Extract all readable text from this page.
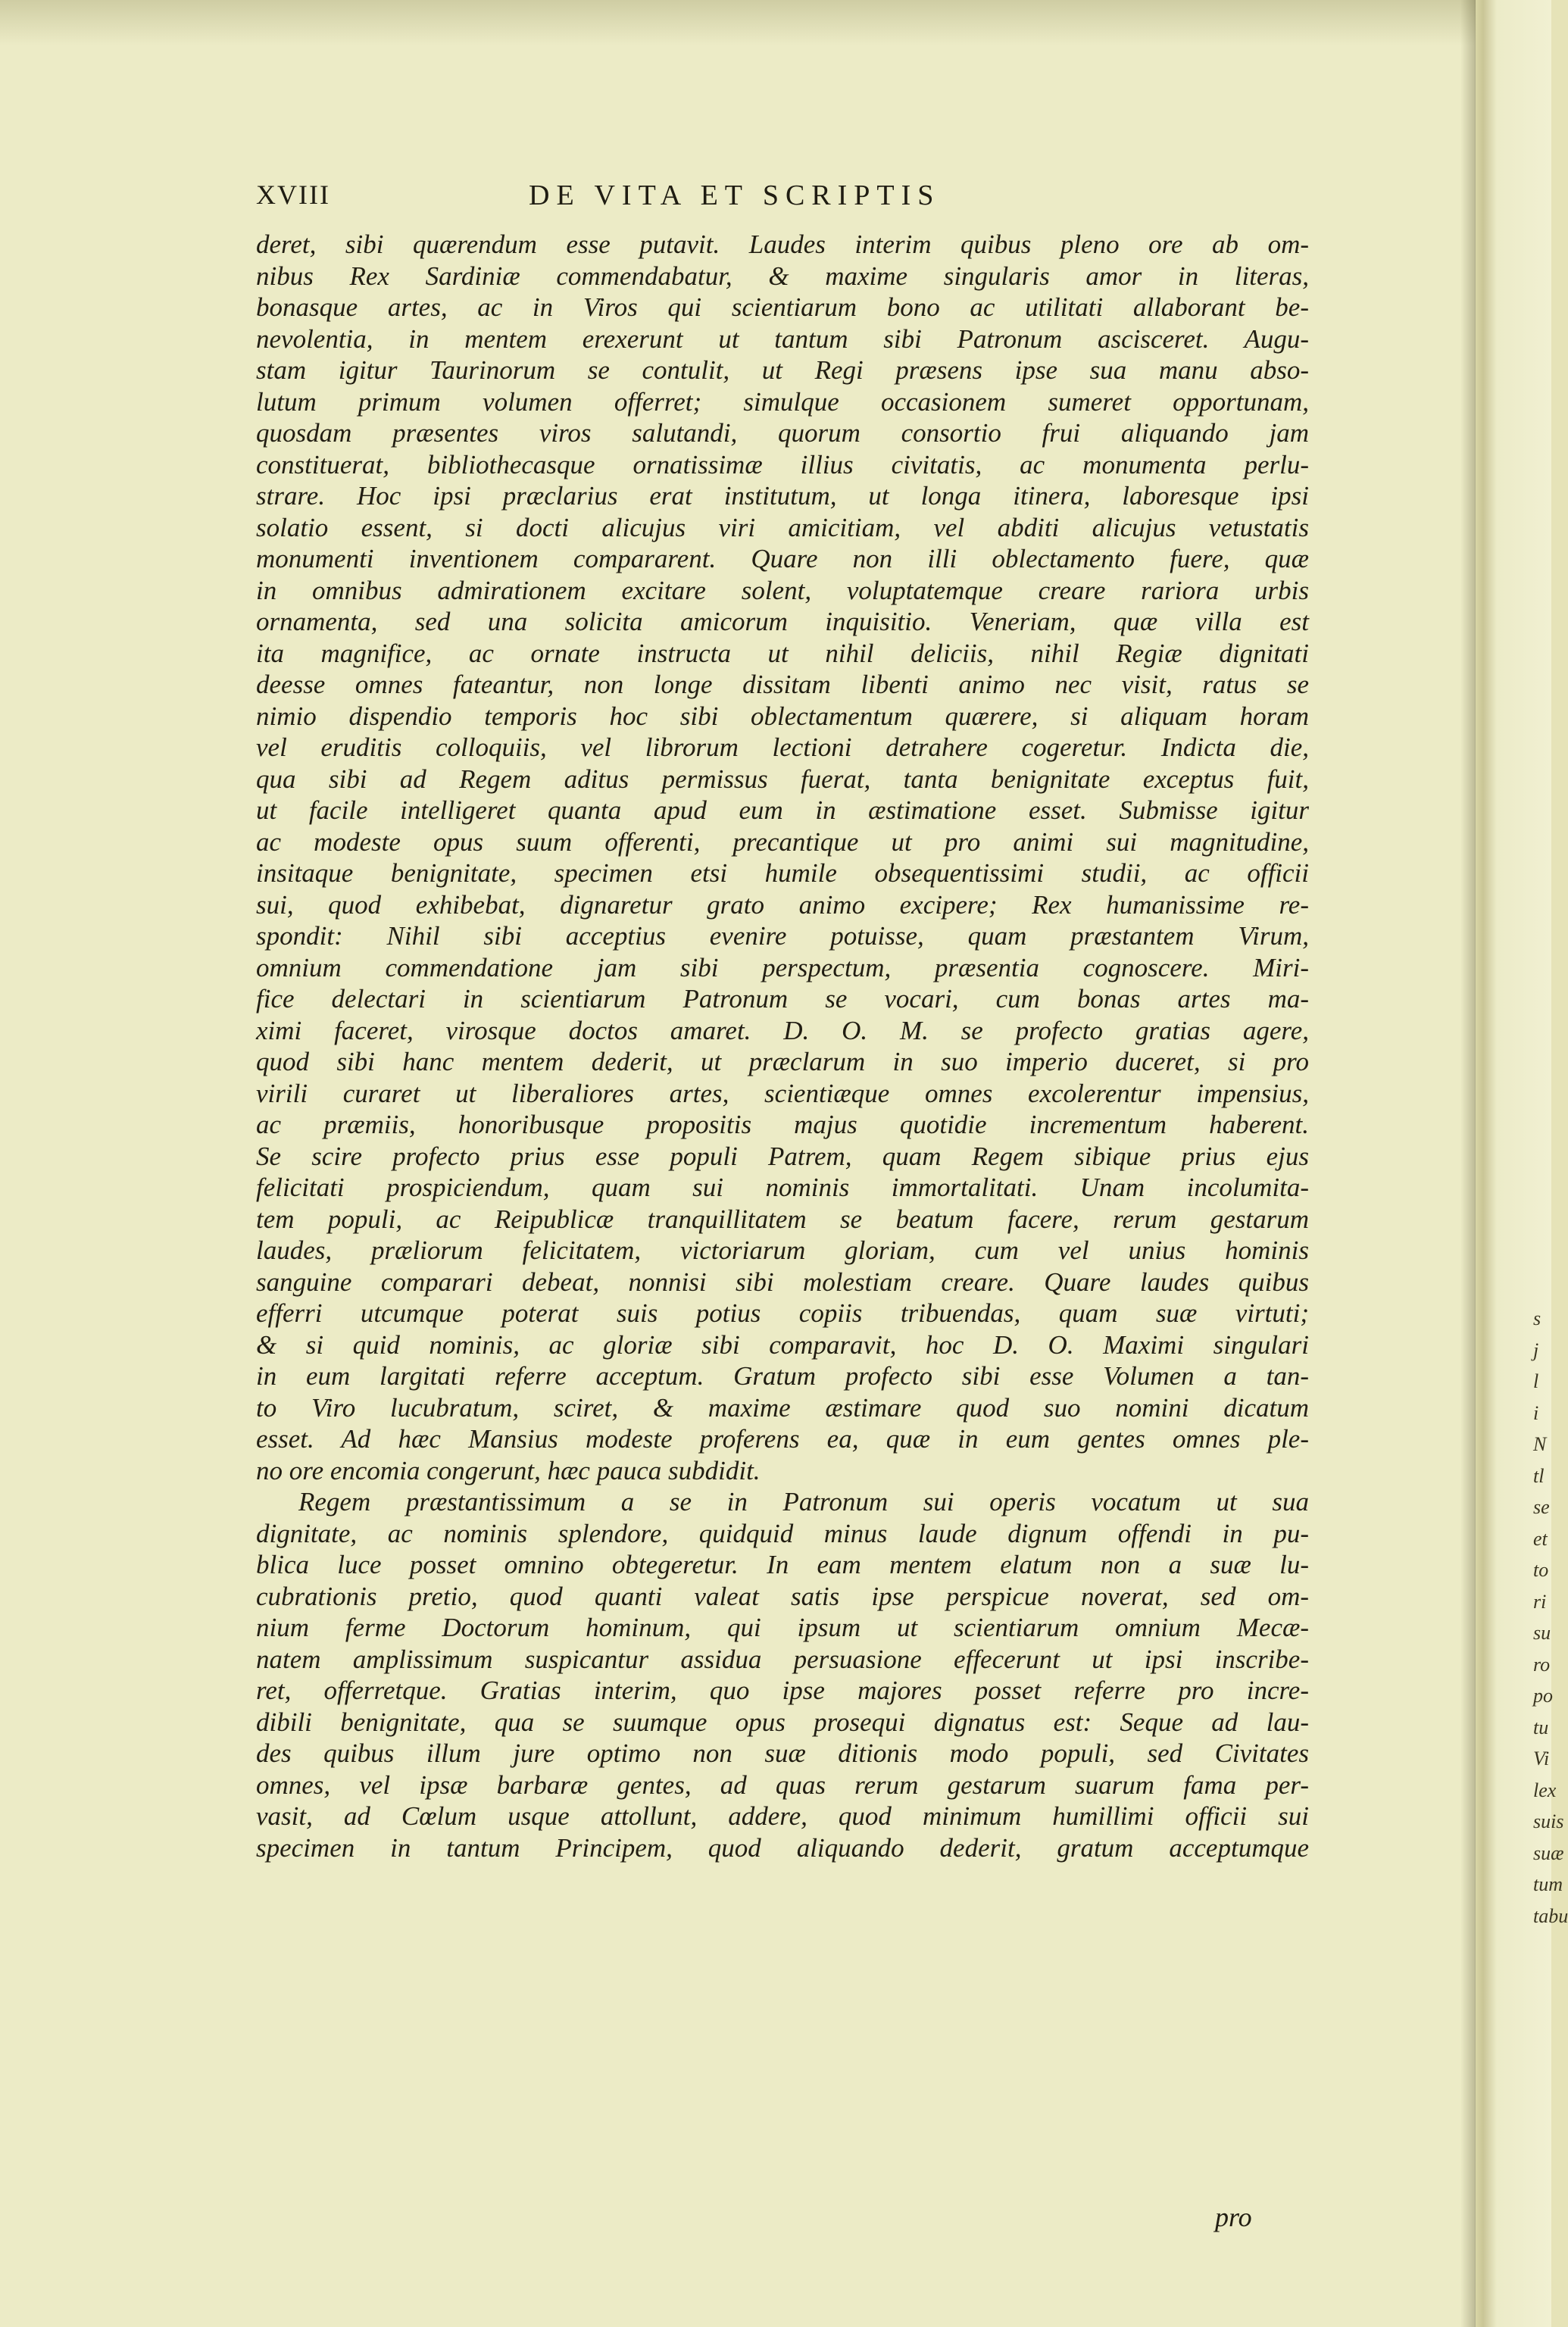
XVIII	DE VITA ET SCRIPTIS
deret, sibi quærendum esse putavit. Laudes interim quibus pleno ore ab om-
nibus Rex Sardiniæ commendabatur, & maxime singularis amor in literas,
bonasque artes, ac in Viros qui scientiarum bono ac utilitati allaborant be-
nevolentia, in mentem erexerunt ut tantum sibi Patronum ascisceret. Augu-
stam igitur Taurinorum se contulit, ut Regi præsens ipse sua manu abso-
lutum primum volumen offerret; simulque occasionem sumeret opportunam,
quosdam præsentes viros salutandi, quorum consortio frui aliquando jam
constituerat, bibliothecasque ornatissimæ illius civitatis, ac monumenta perlu-
strare. Hoc ipsi præclarius erat institutum, ut longa itinera, laboresque ipsi
solatio essent, si docti alicujus viri amicitiam, vel abditi alicujus vetustatis
monumenti inventionem compararent. Quare non illi oblectamento fuere, quæ
in omnibus admirationem excitare solent, voluptatemque creare rariora urbis
ornamenta, sed una solicita amicorum inquisitio. Veneriam, quæ villa est
ita magnifice, ac ornate instructa ut nihil deliciis, nihil Regiæ dignitati
deesse omnes fateantur, non longe dissitam libenti animo nec visit, ratus se
nimio dispendio temporis hoc sibi oblectamentum quærere, si aliquam horam
vel eruditis colloquiis, vel librorum lectioni detrahere cogeretur. Indicta die,
qua sibi ad Regem aditus permissus fuerat, tanta benignitate exceptus fuit,
ut facile intelligeret quanta apud eum in æstimatione esset. Submisse igitur
ac modeste opus suum offerenti, precantique ut pro animi sui magnitudine,
insitaque benignitate, specimen etsi humile obsequentissimi studii, ac officii
sui, quod exhibebat, dignaretur grato animo excipere; Rex humanissime re-
spondit: Nihil sibi acceptius evenire potuisse, quam præstantem Virum,
omnium commendatione jam sibi perspectum, præsentia cognoscere. Miri-
fice delectari in scientiarum Patronum se vocari, cum bonas artes ma-
ximi faceret, virosque doctos amaret. D. O. M. se profecto gratias agere,
quod sibi hanc mentem dederit, ut præclarum in suo imperio duceret, si pro
virili curaret ut liberaliores artes, scientiæque omnes excolerentur impensius,
ac præmiis, honoribusque propositis majus quotidie incrementum haberent.
Se scire profecto prius esse populi Patrem, quam Regem sibique prius ejus
felicitati prospiciendum, quam sui nominis immortalitati. Unam incolumita-
tem populi, ac Reipublicæ tranquillitatem se beatum facere, rerum gestarum
laudes, præliorum felicitatem, victoriarum gloriam, cum vel unius hominis
sanguine comparari debeat, nonnisi sibi molestiam creare. Quare laudes quibus
efferri utcumque poterat suis potius copiis tribuendas, quam suæ virtuti;
& si quid nominis, ac gloriæ sibi comparavit, hoc D. O. Maximi singulari
in eum largitati referre acceptum. Gratum profecto sibi esse Volumen a tan-
to Viro lucubratum, sciret, & maxime æstimare quod suo nomini dicatum
esset. Ad hæc Mansius modeste proferens ea, quæ in eum gentes omnes ple-
no ore encomia congerunt, hæc pauca subdidit.
Regem præstantissimum a se in Patronum sui operis vocatum ut sua
dignitate, ac nominis splendore, quidquid minus laude dignum offendi in pu-
blica luce posset omnino obtegeretur. In eam mentem elatum non a suæ lu-
cubrationis pretio, quod quanti valeat satis ipse perspicue noverat, sed om-
nium ferme Doctorum hominum, qui ipsum ut scientiarum omnium Mecæ-
natem amplissimum suspicantur assidua persuasione effecerunt ut ipsi inscribe-
ret, offerretque. Gratias interim, quo ipse majores posset referre pro incre-
dibili benignitate, qua se suumque opus prosequi dignatus est: Seque ad lau-
des quibus illum jure optimo non suæ ditionis modo populi, sed Civitates
omnes, vel ipsæ barbaræ gentes, ad quas rerum gestarum suarum fama per-
vasit, ad Cœlum usque attollunt, addere, quod minimum humillimi officii sui
specimen in tantum Principem, quod aliquando dederit, gratum acceptumque
pro
s
j
l
i
N
tl
se
et
to
ri
su
ro
po
tu
Vi
lex
suis
suæ
tum
tabu
